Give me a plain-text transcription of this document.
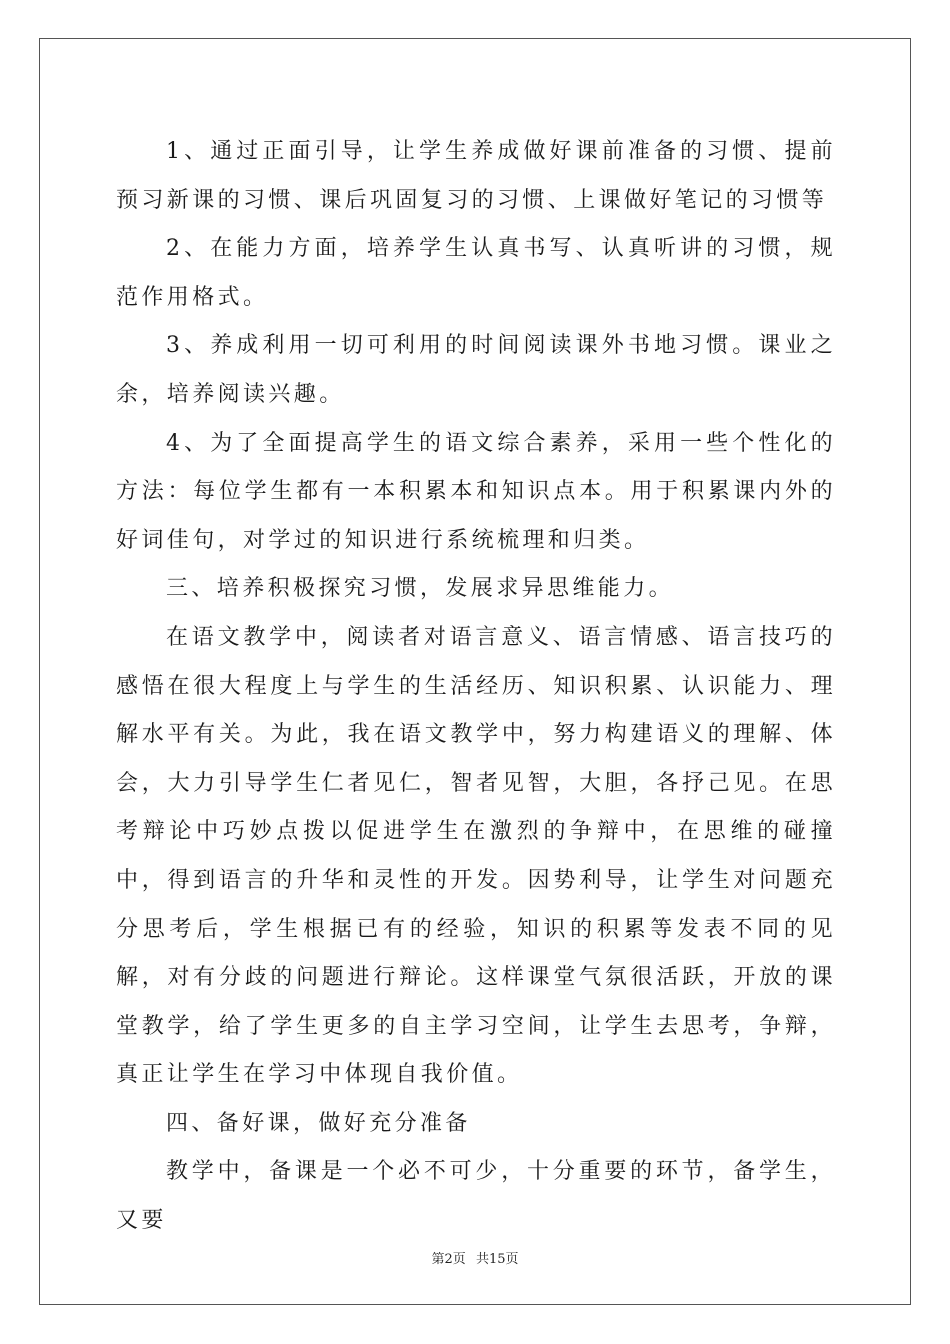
1、通过正面引导，让学生养成做好课前准备的习惯、提前预习新课的习惯、课后巩固复习的习惯、上课做好笔记的习惯等

2、在能力方面，培养学生认真书写、认真听讲的习惯，规范作用格式。

3、养成利用一切可利用的时间阅读课外书地习惯。课业之余，培养阅读兴趣。

4、为了全面提高学生的语文综合素养，采用一些个性化的方法：每位学生都有一本积累本和知识点本。用于积累课内外的好词佳句，对学过的知识进行系统梳理和归类。

三、培养积极探究习惯，发展求异思维能力。

在语文教学中，阅读者对语言意义、语言情感、语言技巧的感悟在很大程度上与学生的生活经历、知识积累、认识能力、理解水平有关。为此，我在语文教学中，努力构建语义的理解、体会，大力引导学生仁者见仁，智者见智，大胆，各抒己见。在思考辩论中巧妙点拨以促进学生在激烈的争辩中，在思维的碰撞中，得到语言的升华和灵性的开发。因势利导，让学生对问题充分思考后，学生根据已有的经验，知识的积累等发表不同的见解，对有分歧的问题进行辩论。这样课堂气氛很活跃，开放的课堂教学，给了学生更多的自主学习空间，让学生去思考，争辩，真正让学生在学习中体现自我价值。

四、备好课，做好充分准备

教学中，备课是一个必不可少，十分重要的环节，备学生，又要

第2页 共15页
